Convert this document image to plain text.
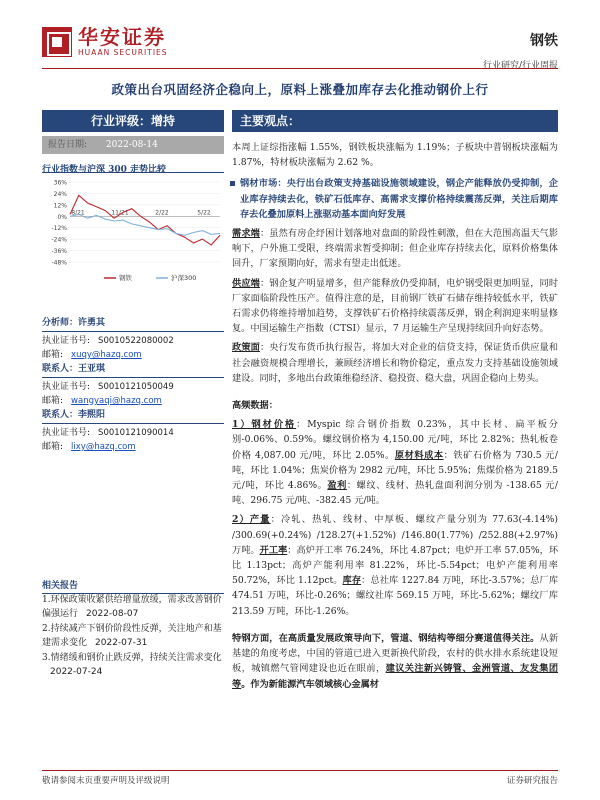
华安证券
HUAAN SECURITIES
钢铁
行业研究/行业周报
政策出台巩固经济企稳向上，原料上涨叠加库存去化推动钢价上行
行业评级：增持
报告日期: 2022-08-14
行业指数与沪深 300 走势比较
36%
24%
12%
0%
-12%
-24%
-36%
-48%
8/21	11/21	2/22	5/22
钢铁	沪深300
分析师：许勇其
执业证书号: S0010522080002
邮箱: xuqy@hazq.com
联系人：王亚琪
执业证书号: S0010121050049
邮箱: wangyaqi@hazq.com
联系人：李煕阳
执业证书号: S0010121090014
邮箱: lixy@hazq.com
相关报告
1.环保政策收紧供给增量放缓，需求改善钢价偏强运行 2022-08-07
2.持续减产下钢价阶段性反弹，关注地产和基建需求变化 2022-07-31
3.情绪缓和钢价止跌反弹，持续关注需求变化2022-07-24
主要观点：

本周上证综指涨幅 1.55%，钢铁板块涨幅为 1.19%；子板块中普钢板块涨幅为 1.87%，特材板块涨幅为 2.62 %。

钢材市场：央行出台政策支持基础设施领域建设，钢企产能释放仍受抑制，企业库存持续去化，铁矿石低库存、高需求支撑价格持续震荡反弹，关注后期库存去化叠加原料上涨驱动基本面向好发展

需求端：虽然有房企纾困计划落地对盘面的阶段性刺激，但在大范围高温天气影响下，户外施工受限，终端需求暂受抑制；但企业库存持续去化，原料价格集体回升，厂家预期向好，需求有望走出低迷。

供应端：钢企复产明显增多，但产能释放仍受抑制，电炉钢受限更加明显，同时厂家面临阶段性压产。值得注意的是，目前钢厂铁矿石储存维持较低水平，铁矿石需求仍将维持增加趋势，支撑铁矿石价格持续震荡反弹，钢企利润迎来明显修复。中国运输生产指数（CTSI）显示，7 月运输生产呈现持续回升向好态势。

政策面：央行发布货币执行报告，将加大对企业的信贷支持，保证货币供应量和社会融资规模合理增长，兼顾经济增长和物价稳定，重点发力支持基础设施领域建设。同时，多地出台政策维稳经济、稳投资、稳大盘，巩固企稳向上势头。

高频数据：

1）钢材价格：Myspic 综合钢价指数 0.23%，其中长材、扁平板分别-0.06%、0.59%。螺纹钢价格为 4,150.00 元/吨，环比 2.82%；热轧板卷价格 4,087.00 元/吨，环比 2.05%。原材料成本：铁矿石价格为 730.5 元/吨，环比 1.04%；焦炭价格为 2982 元/吨，环比 5.95%；焦煤价格为 2189.5 元/吨，环比 4.86%。盈利：螺纹、线材、热轧盘面利润分别为 -138.65 元/吨、296.75 元/吨、-382.45 元/吨。

2）产量：冷轧、热轧、线材、中厚板、螺纹产量分别为 77.63(-4.14%) /300.69(+0.24%) /128.27(+1.52%) /146.80(1.77%) /252.88(+2.97%)万吨。开工率：高炉开工率 76.24%，环比 4.87pct；电炉开工率 57.05%，环比 1.13pct；高炉产能利用率 81.22%，环比-5.54pct；电炉产能利用率 50.72%，环比 1.12pct。库存：总社库 1227.84 万吨，环比-3.57%；总厂库 474.51 万吨，环比-0.26%；螺纹社库 569.15 万吨，环比-5.62%；螺纹厂库 213.59 万吨，环比-1.26%。

特钢方面，在高质量发展政策导向下，管道、钢结构等细分赛道值得关注。从新基建的角度考虑，中国的管道已进入更新换代阶段，农村的供水排水系统建设短板，城镇燃气管网建设也近在眼前，建议关注新兴铸管、金洲管道、友发集团等。作为新能源汽车领域核心金属材

敬请参阅末页重要声明及评级说明	证券研究报告
